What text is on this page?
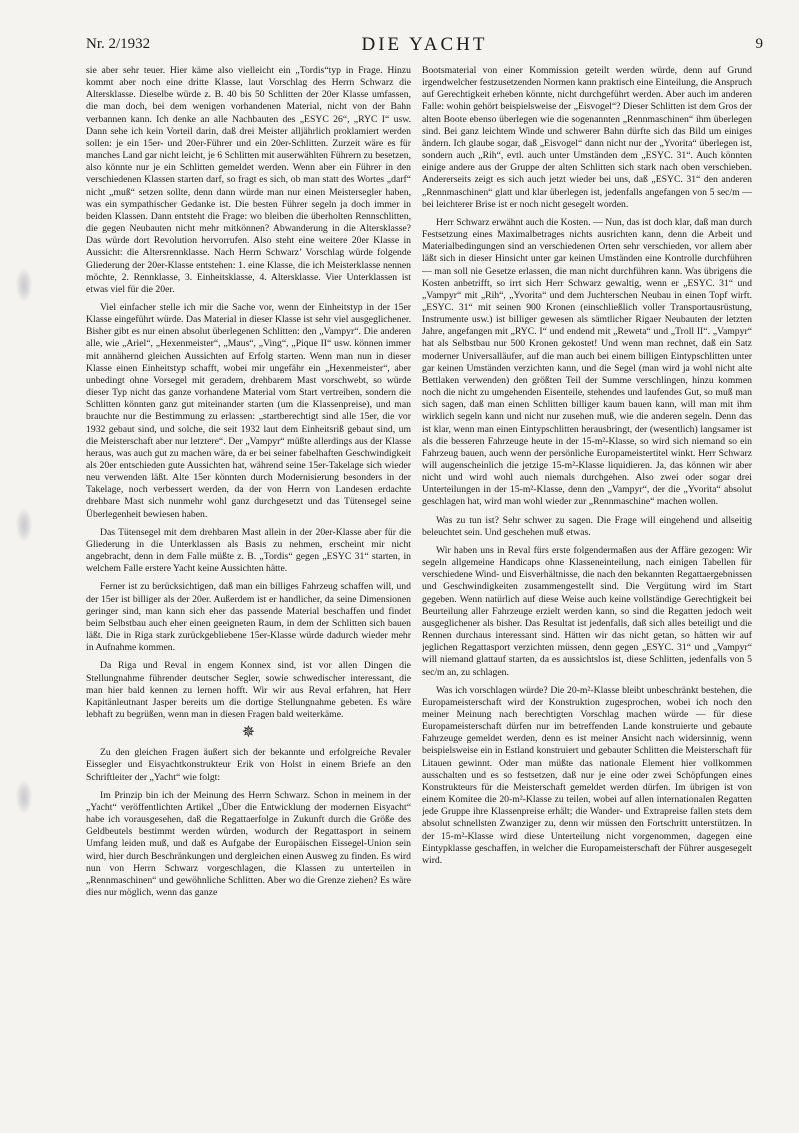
Nr. 2/1932	DIE YACHT	9

sie aber sehr teuer. Hier käme also vielleicht ein „Tordis“typ in Frage. Hinzu kommt aber noch eine dritte Klasse, laut Vorschlag des Herrn Schwarz die Altersklasse. Dieselbe würde z. B. 40 bis 50 Schlitten der 20er Klasse umfassen, die man doch, bei dem wenigen vorhandenen Material, nicht von der Bahn verbannen kann. Ich denke an alle Nachbauten des „ESYC 26“, „RYC I“ usw. Dann sehe ich kein Vorteil darin, daß drei Meister alljährlich proklamiert werden sollen: je ein 15er- und 20er-Führer und ein 20er-Schlitten. Zurzeit wäre es für manches Land gar nicht leicht, je 6 Schlitten mit auserwählten Führern zu besetzen, also könnte nur je ein Schlitten gemeldet werden. Wenn aber ein Führer in den verschiedenen Klassen starten darf, so fragt es sich, ob man statt des Wortes „darf“ nicht „muß“ setzen sollte, denn dann würde man nur einen Meistersegler haben, was ein sympathischer Gedanke ist. Die besten Führer segeln ja doch immer in beiden Klassen. Dann entsteht die Frage: wo bleiben die überholten Rennschlitten, die gegen Neubauten nicht mehr mitkönnen? Abwanderung in die Altersklasse? Das würde dort Revolution hervorrufen. Also steht eine weitere 20er Klasse in Aussicht: die Altersrennklasse. Nach Herrn Schwarz’ Vorschlag würde folgende Gliederung der 20er-Klasse entstehen: 1. eine Klasse, die ich Meisterklasse nennen möchte, 2. Rennklasse, 3. Einheitsklasse, 4. Altersklasse. Vier Unterklassen ist etwas viel für die 20er.

Viel einfacher stelle ich mir die Sache vor, wenn der Einheitstyp in der 15er Klasse eingeführt würde. Das Material in dieser Klasse ist sehr viel ausgeglichener. Bisher gibt es nur einen absolut überlegenen Schlitten: den „Vampyr“. Die anderen alle, wie „Ariel“, „Hexenmeister“, „Maus“, „Ving“, „Pique II“ usw. können immer mit annähernd gleichen Aussichten auf Erfolg starten. Wenn man nun in dieser Klasse einen Einheitstyp schafft, wobei mir ungefähr ein „Hexenmeister“, aber unbedingt ohne Vorsegel mit geradem, drehbarem Mast vorschwebt, so würde dieser Typ nicht das ganze vorhandene Material vom Start vertreiben, sondern die Schlitten könnten ganz gut miteinander starten (um die Klassenpreise), und man brauchte nur die Bestimmung zu erlassen: „startberechtigt sind alle 15er, die vor 1932 gebaut sind, und solche, die seit 1932 laut dem Einheitsriß gebaut sind, um die Meisterschaft aber nur letztere“. Der „Vampyr“ müßte allerdings aus der Klasse heraus, was auch gut zu machen wäre, da er bei seiner fabelhaften Geschwindigkeit als 20er entschieden gute Aussichten hat, während seine 15er-Takelage sich wieder neu verwenden läßt. Alte 15er könnten durch Modernisierung besonders in der Takelage, noch verbessert werden, da der von Herrn von Landesen erdachte drehbare Mast sich nunmehr wohl ganz durchgesetzt und das Tütensegel seine Überlegenheit bewiesen haben.

Das Tütensegel mit dem drehbaren Mast allein in der 20er-Klasse aber für die Gliederung in die Unterklassen als Basis zu nehmen, erscheint mir nicht angebracht, denn in dem Falle müßte z. B. „Tordis“ gegen „ESYC 31“ starten, in welchem Falle erstere Yacht keine Aussichten hätte.

Ferner ist zu berücksichtigen, daß man ein billiges Fahrzeug schaffen will, und der 15er ist billiger als der 20er. Außerdem ist er handlicher, da seine Dimensionen geringer sind, man kann sich eher das passende Material beschaffen und findet beim Selbstbau auch eher einen geeigneten Raum, in dem der Schlitten sich bauen läßt. Die in Riga stark zurückgebliebene 15er-Klasse würde dadurch wieder mehr in Aufnahme kommen.

Da Riga und Reval in engem Konnex sind, ist vor allen Dingen die Stellungnahme führender deutscher Segler, sowie schwedischer interessant, die man hier bald kennen zu lernen hofft. Wir wir aus Reval erfahren, hat Herr Kapitänleutnant Jasper bereits um die dortige Stellungnahme gebeten. Es wäre lebhaft zu begrüßen, wenn man in diesen Fragen bald weiterkäme.

✵

Zu den gleichen Fragen äußert sich der bekannte und erfolgreiche Revaler Eissegler und Eisyachtkonstrukteur Erik von Holst in einem Briefe an den Schriftleiter der „Yacht“ wie folgt:

Im Prinzip bin ich der Meinung des Herrn Schwarz. Schon in meinem in der „Yacht“ veröffentlichten Artikel „Über die Entwicklung der modernen Eisyacht“ habe ich vorausgesehen, daß die Regattaerfolge in Zukunft durch die Größe des Geldbeutels bestimmt werden würden, wodurch der Regattasport in seinem Umfang leiden muß, und daß es Aufgabe der Europäischen Eissegel-Union sein wird, hier durch Beschränkungen und dergleichen einen Ausweg zu finden. Es wird nun von Herrn Schwarz vorgeschlagen, die Klassen zu unterteilen in „Rennmaschinen“ und gewöhnliche Schlitten. Aber wo die Grenze ziehen? Es wäre dies nur möglich, wenn das ganze

Bootsmaterial von einer Kommission geteilt werden würde, denn auf Grund irgendwelcher festzusetzenden Normen kann praktisch eine Einteilung, die Anspruch auf Gerechtigkeit erheben könnte, nicht durchgeführt werden. Aber auch im anderen Falle: wohin gehört beispielsweise der „Eisvogel“? Dieser Schlitten ist dem Gros der alten Boote ebenso überlegen wie die sogenannten „Rennmaschinen“ ihm überlegen sind. Bei ganz leichtem Winde und schwerer Bahn dürfte sich das Bild um einiges ändern. Ich glaube sogar, daß „Eisvogel“ dann nicht nur der „Yvorita“ überlegen ist, sondern auch „Rih“, evtl. auch unter Umständen dem „ESYC. 31“. Auch könnten einige andere aus der Gruppe der alten Schlitten sich stark nach oben verschieben. Andererseits zeigt es sich auch jetzt wieder bei uns, daß „ESYC. 31“ den anderen „Rennmaschinen“ glatt und klar überlegen ist, jedenfalls angefangen von 5 sec/m — bei leichterer Brise ist er noch nicht gesegelt worden.

Herr Schwarz erwähnt auch die Kosten. — Nun, das ist doch klar, daß man durch Festsetzung eines Maximalbetrages nichts ausrichten kann, denn die Arbeit und Materialbedingungen sind an verschiedenen Orten sehr verschieden, vor allem aber läßt sich in dieser Hinsicht unter gar keinen Umständen eine Kontrolle durchführen — man soll nie Gesetze erlassen, die man nicht durchführen kann. Was übrigens die Kosten anbetrifft, so irrt sich Herr Schwarz gewaltig, wenn er „ESYC. 31“ und „Vampyr“ mit „Rih“, „Yvorita“ und dem Juchterschen Neubau in einen Topf wirft. „ESYC. 31“ mit seinen 900 Kronen (einschließlich voller Transportausrüstung, Instrumente usw.) ist billiger gewesen als sämtlicher Rigaer Neubauten der letzten Jahre, angefangen mit „RYC. I“ und endend mit „Reweta“ und „Troll II“. „Vampyr“ hat als Selbstbau nur 500 Kronen gekostet! Und wenn man rechnet, daß ein Satz moderner Universalläufer, auf die man auch bei einem billigen Eintypschlitten unter gar keinen Umständen verzichten kann, und die Segel (man wird ja wohl nicht alte Bettlaken verwenden) den größten Teil der Summe verschlingen, hinzu kommen noch die nicht zu umgehenden Eisenteile, stehendes und laufendes Gut, so muß man sich sagen, daß man einen Schlitten billiger kaum bauen kann, will man mit ihm wirklich segeln kann und nicht nur zusehen muß, wie die anderen segeln. Denn das ist klar, wenn man einen Eintypschlitten herausbringt, der (wesentlich) langsamer ist als die besseren Fahrzeuge heute in der 15-m²-Klasse, so wird sich niemand so ein Fahrzeug bauen, auch wenn der persönliche Europameistertitel winkt. Herr Schwarz will augenscheinlich die jetzige 15-m²-Klasse liquidieren. Ja, das können wir aber nicht und wird wohl auch niemals durchgehen. Also zwei oder sogar drei Unterteilungen in der 15-m²-Klasse, denn den „Vampyr“, der die „Yvorita“ absolut geschlagen hat, wird man wohl wieder zur „Rennmaschine“ machen wollen.

Was zu tun ist? Sehr schwer zu sagen. Die Frage will eingehend und allseitig beleuchtet sein. Und geschehen muß etwas.

Wir haben uns in Reval fürs erste folgendermaßen aus der Affäre gezogen: Wir segeln allgemeine Handicaps ohne Klasseneinteilung, nach einigen Tabellen für verschiedene Wind- und Eisverhältnisse, die nach den bekannten Regattaergebnissen und Geschwindigkeiten zusammengestellt sind. Die Vergütung wird im Start gegeben. Wenn natürlich auf diese Weise auch keine vollständige Gerechtigkeit bei Beurteilung aller Fahrzeuge erzielt werden kann, so sind die Regatten jedoch weit ausgeglichener als bisher. Das Resultat ist jedenfalls, daß sich alles beteiligt und die Rennen durchaus interessant sind. Hätten wir das nicht getan, so hätten wir auf jeglichen Regattasport verzichten müssen, denn gegen „ESYC. 31“ und „Vampyr“ will niemand glattauf starten, da es aussichtslos ist, diese Schlitten, jedenfalls von 5 sec/m an, zu schlagen.

Was ich vorschlagen würde? Die 20-m²-Klasse bleibt unbeschränkt bestehen, die Europameisterschaft wird der Konstruktion zugesprochen, wobei ich noch den meiner Meinung nach berechtigten Vorschlag machen würde — für diese Europameisterschaft dürfen nur im betreffenden Lande konstruierte und gebaute Fahrzeuge gemeldet werden, denn es ist meiner Ansicht nach widersinnig, wenn beispielsweise ein in Estland konstruiert und gebauter Schlitten die Meisterschaft für Litauen gewinnt. Oder man müßte das nationale Element hier vollkommen ausschalten und es so festsetzen, daß nur je eine oder zwei Schöpfungen eines Konstrukteurs für die Meisterschaft gemeldet werden dürfen. Im übrigen ist von einem Komitee die 20-m²-Klasse zu teilen, wobei auf allen internationalen Regatten jede Gruppe ihre Klassenpreise erhält; die Wander- und Extrapreise fallen stets dem absolut schnellsten Zwanziger zu, denn wir müssen den Fortschritt unterstützen. In der 15-m²-Klasse wird diese Unterteilung nicht vorgenommen, dagegen eine Eintypklasse geschaffen, in welcher die Europameisterschaft der Führer ausgesegelt wird.
